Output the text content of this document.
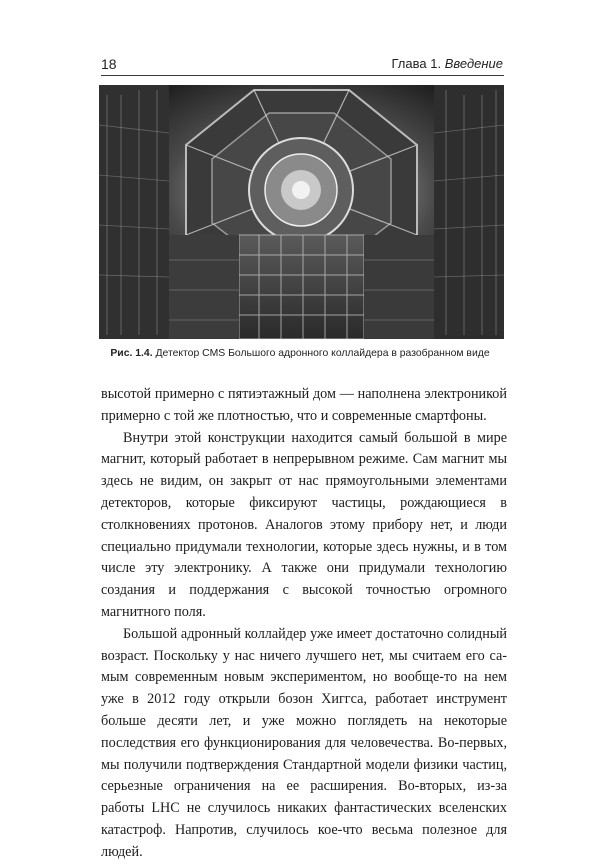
18	Глава 1. Введение
Рис. 1.4. Детектор CMS Большого адронного коллайдера в разобранном виде

высотой примерно с пятиэтажный дом — наполнена электроникой примерно с той же плотностью, что и современные смартфоны.

Внутри этой конструкции находится самый большой в мире магнит, который работает в непрерывном режиме. Сам магнит мы здесь не видим, он закрыт от нас прямоугольными элементами детекторов, которые фиксируют частицы, рождающиеся в столкновениях протонов. Аналогов этому прибору нет, и люди специально придумали технологии, которые здесь нужны, и в том числе эту электронику. А также они придумали технологию создания и поддержания с высокой точностью огромного магнитного поля.

Большой адронный коллайдер уже имеет достаточно солидный возраст. Поскольку у нас ничего лучшего нет, мы считаем его самым современным новым экспериментом, но вообще-то на нем уже в 2012 году открыли бозон Хиггса, работает инструмент больше десяти лет, и уже можно поглядеть на некоторые последствия его функционирования для человечества. Во-первых, мы получили подтверждения Стандартной модели физики частиц, серьезные ограничения на ее расширения. Во-вторых, из-за работы LHC не случилось никаких фантастических вселенских катастроф. Напротив, случилось кое-что весьма полезное для людей.
